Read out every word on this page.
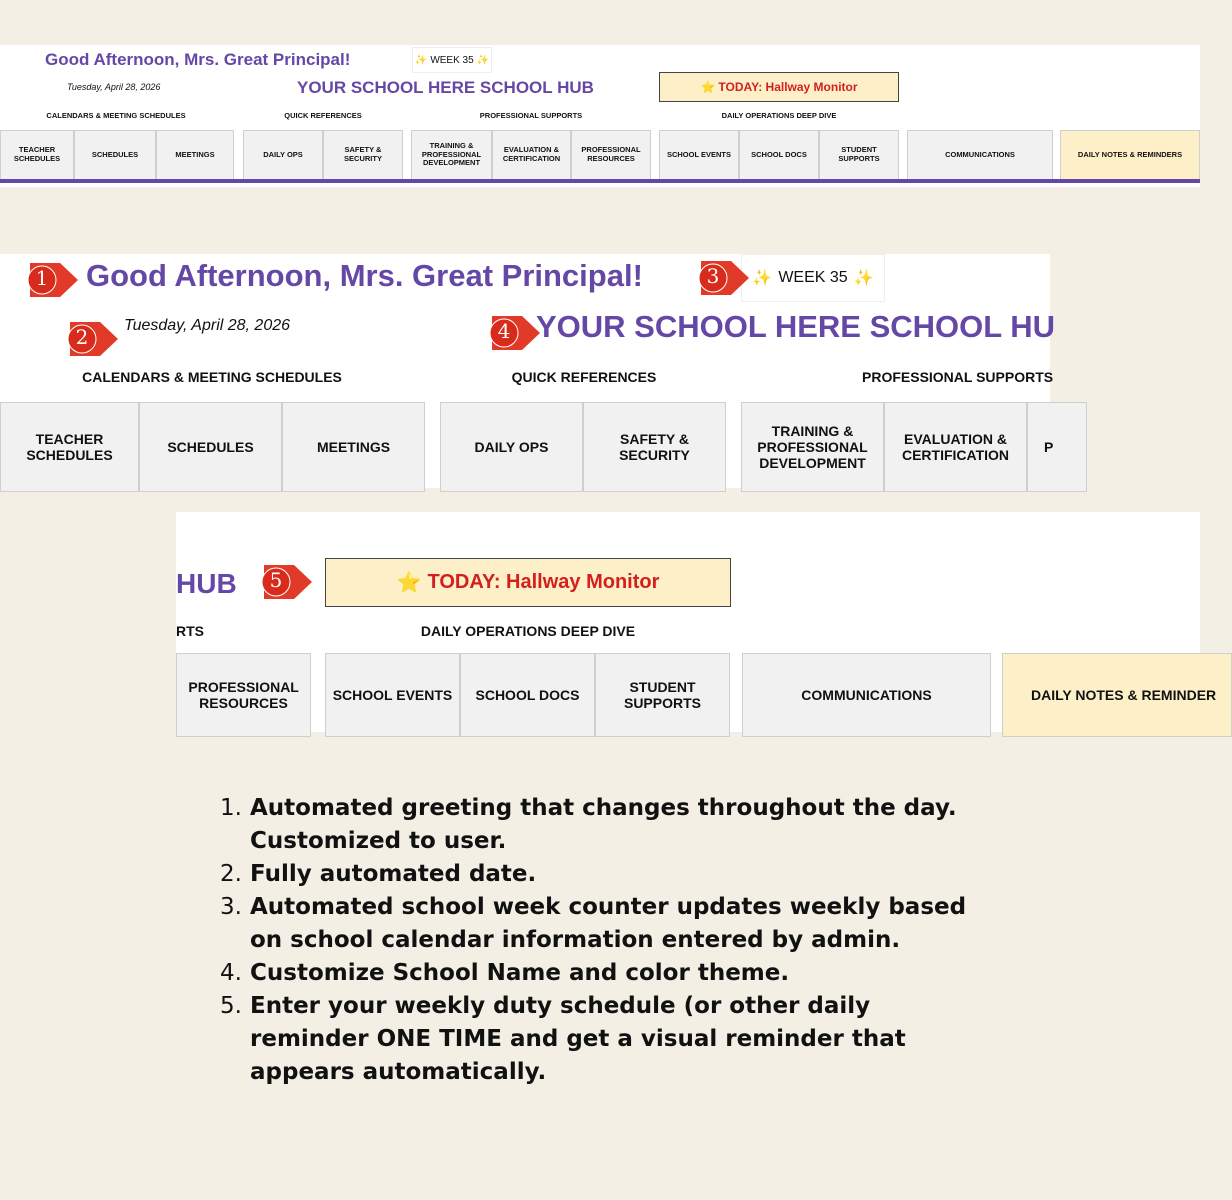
Good Afternoon, Mrs. Great Principal!	✨ WEEK 35 ✨
Tuesday, April 28, 2026	YOUR SCHOOL HERE SCHOOL HUB	⭐ TODAY: Hallway Monitor
CALENDARS & MEETING SCHEDULES	QUICK REFERENCES	PROFESSIONAL SUPPORTS	DAILY OPERATIONS DEEP DIVE
TEACHER SCHEDULES	SCHEDULES	MEETINGS	DAILY OPS	SAFETY & SECURITY
TRAINING & PROFESSIONAL DEVELOPMENT
EVALUATION & CERTIFICATION
PROFESSIONAL RESOURCES	SCHOOL EVENTS	SCHOOL DOCS	STUDENT SUPPORTS	COMMUNICATIONS	DAILY NOTES & REMINDERS
Good Afternoon, Mrs. Great Principal!	✨ WEEK 35 ✨
Tuesday, April 28, 2026	YOUR SCHOOL HERE SCHOOL HU
CALENDARS & MEETING SCHEDULES	QUICK REFERENCES	PROFESSIONAL SUPPORTS
TEACHER SCHEDULES
SCHEDULES	MEETINGS	DAILY OPS
SAFETY & SECURITY
TRAINING & PROFESSIONAL DEVELOPMENT
EVALUATION & CERTIFICATION
P
1
2
3
4
HUB	⭐ TODAY: Hallway Monitor
RTS	DAILY OPERATIONS DEEP DIVE
PROFESSIONAL RESOURCES
SCHOOL EVENTS	SCHOOL DOCS
STUDENT SUPPORTS
COMMUNICATIONS	DAILY NOTES & REMINDER
5
1. Automated greeting that changes throughout the day. Customized to user.
2. Fully automated date.
3. Automated school week counter updates weekly based on school calendar information entered by admin.
4. Customize School Name and color theme.
5. Enter your weekly duty schedule (or other daily reminder ONE TIME and get a visual reminder that appears automatically.
